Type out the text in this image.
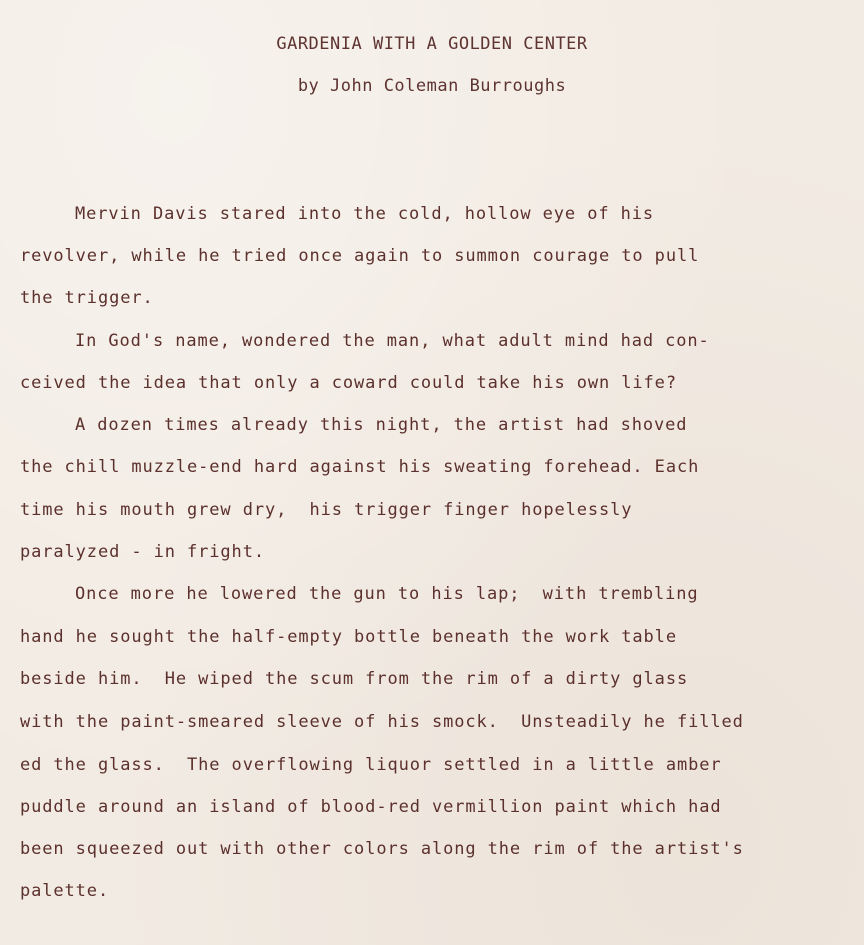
GARDENIA WITH A GOLDEN CENTER
by John Coleman Burroughs
Mervin Davis stared into the cold, hollow eye of his
revolver, while he tried once again to summon courage to pull
the trigger.
In God's name, wondered the man, what adult mind had con-
ceived the idea that only a coward could take his own life?
A dozen times already this night, the artist had shoved
the chill muzzle-end hard against his sweating forehead. Each
time his mouth grew dry,  his trigger finger hopelessly
paralyzed - in fright.
Once more he lowered the gun to his lap;  with trembling
hand he sought the half-empty bottle beneath the work table
beside him.  He wiped the scum from the rim of a dirty glass
with the paint-smeared sleeve of his smock.  Unsteadily he filled
ed the glass.  The overflowing liquor settled in a little amber
puddle around an island of blood-red vermillion paint which had
been squeezed out with other colors along the rim of the artist's
palette.
